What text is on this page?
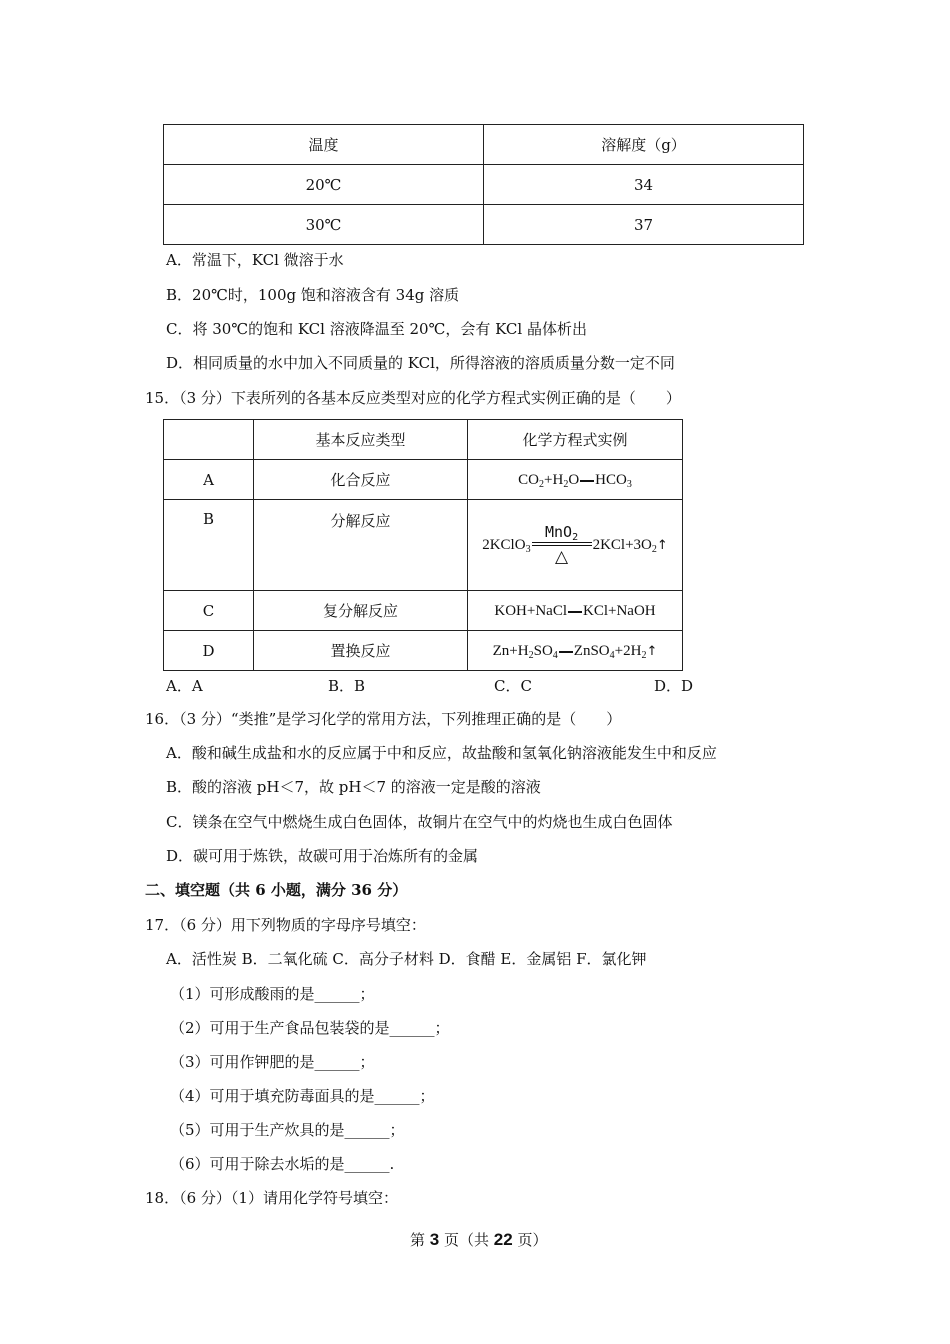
温度	溶解度（g）
20℃	34
30℃	37
A．常温下，KCl 微溶于水
B．20℃时，100g 饱和溶液含有 34g 溶质
C．将 30℃的饱和 KCl 溶液降温至 20℃，会有 KCl 晶体析出
D．相同质量的水中加入不同质量的 KCl，所得溶液的溶质质量分数一定不同
15．（3 分）下表所列的各基本反应类型对应的化学方程式实例正确的是（　　）
	基本反应类型	化学方程式实例
A	化合反应	$CO_2+H_2O$ $HCO_3$
B	分解反应	2KClO$_3$
MnO$_2$
△
$2KCl+3O_2↑$

C	复分解反应	KOH+NaCl KCl+NaOH
D	置换反应	$Zn+H_2SO_4$ $ZnSO_4+2H_2↑$
A．A	B．B	C．C	D．D
16．（3 分）“类推”是学习化学的常用方法，下列推理正确的是（　　）
A．酸和碱生成盐和水的反应属于中和反应，故盐酸和氢氧化钠溶液能发生中和反应
B．酸的溶液 pH＜7，故 pH＜7 的溶液一定是酸的溶液
C．镁条在空气中燃烧生成白色固体，故铜片在空气中的灼烧也生成白色固体
D．碳可用于炼铁，故碳可用于冶炼所有的金属
二、填空题（共 6 小题，满分 36 分）
17．（6 分）用下列物质的字母序号填空：
A．活性炭 B．二氧化硫 C．高分子材料 D．食醋 E．金属铝 F．氯化钾
（1）可形成酸雨的是______；
（2）可用于生产食品包装袋的是______；
（3）可用作钾肥的是______；
（4）可用于填充防毒面具的是______；
（5）可用于生产炊具的是______；
（6）可用于除去水垢的是______.
18．（6 分）（1）请用化学符号填空：
第 3 页（共 22 页）
